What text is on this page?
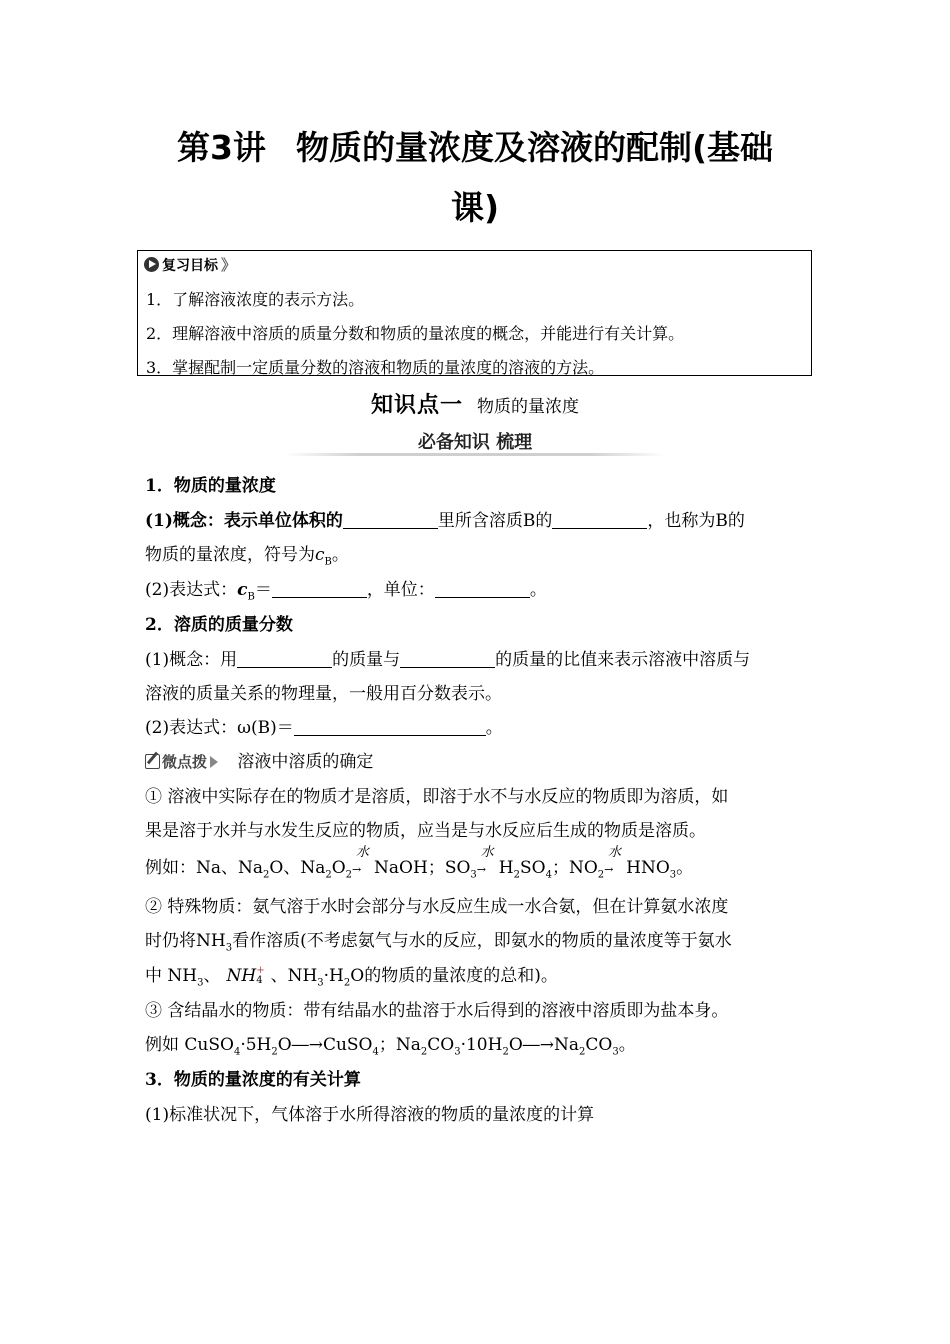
第3讲 物质的量浓度及溶液的配制(基础
课)
复习目标 》
1．了解溶液浓度的表示方法。
2．理解溶液中溶质的质量分数和物质的量浓度的概念，并能进行有关计算。
3．掌握配制一定质量分数的溶液和物质的量浓度的溶液的方法。
知识点一 物质的量浓度
必备知识 梳理
1．物质的量浓度
(1)概念：表示单位体积的	里所含溶质B的	，也称为B的
物质的量浓度，符号为$c_B$。
(2)表达式：$c_B=$	，单位：	。
2．溶质的质量分数
(1)概念：用	的质量与	的质量的比值来表示溶液中溶质与
溶液的质量关系的物理量，一般用百分数表示。
(2)表达式：ω(B)＝	。
微点拨 溶液中溶质的确定
① 溶液中实际存在的物质才是溶质，即溶于水不与水反应的物质即为溶质，如
果是溶于水并与水发生反应的物质，应当是与水反应后生成的物质是溶质。
例如：Na、$Na_2O$、$Na_2O_2$
水
→ NaOH；$SO_3$
水
→ $H_2SO_4$；$NO_2$
水
→ $HNO_3$。
② 特殊物质：氨气溶于水时会部分与水反应生成一水合氨，但在计算氨水浓度
时仍将$NH_3$看作溶质(不考虑氨气与水的反应，即氨水的物质的量浓度等于氨水
中 $NH_3$、 NH +
4 、$NH_3\cdot H_2O$的物质的量浓度的总和)。
③ 含结晶水的物质：带有结晶水的盐溶于水后得到的溶液中溶质即为盐本身。
例如 $CuSO_4\cdot 5H_2O―\to CuSO_4$；$Na_2CO_3\cdot 10H_2O―\to Na_2CO_3$。
3．物质的量浓度的有关计算
(1)标准状况下，气体溶于水所得溶液的物质的量浓度的计算
